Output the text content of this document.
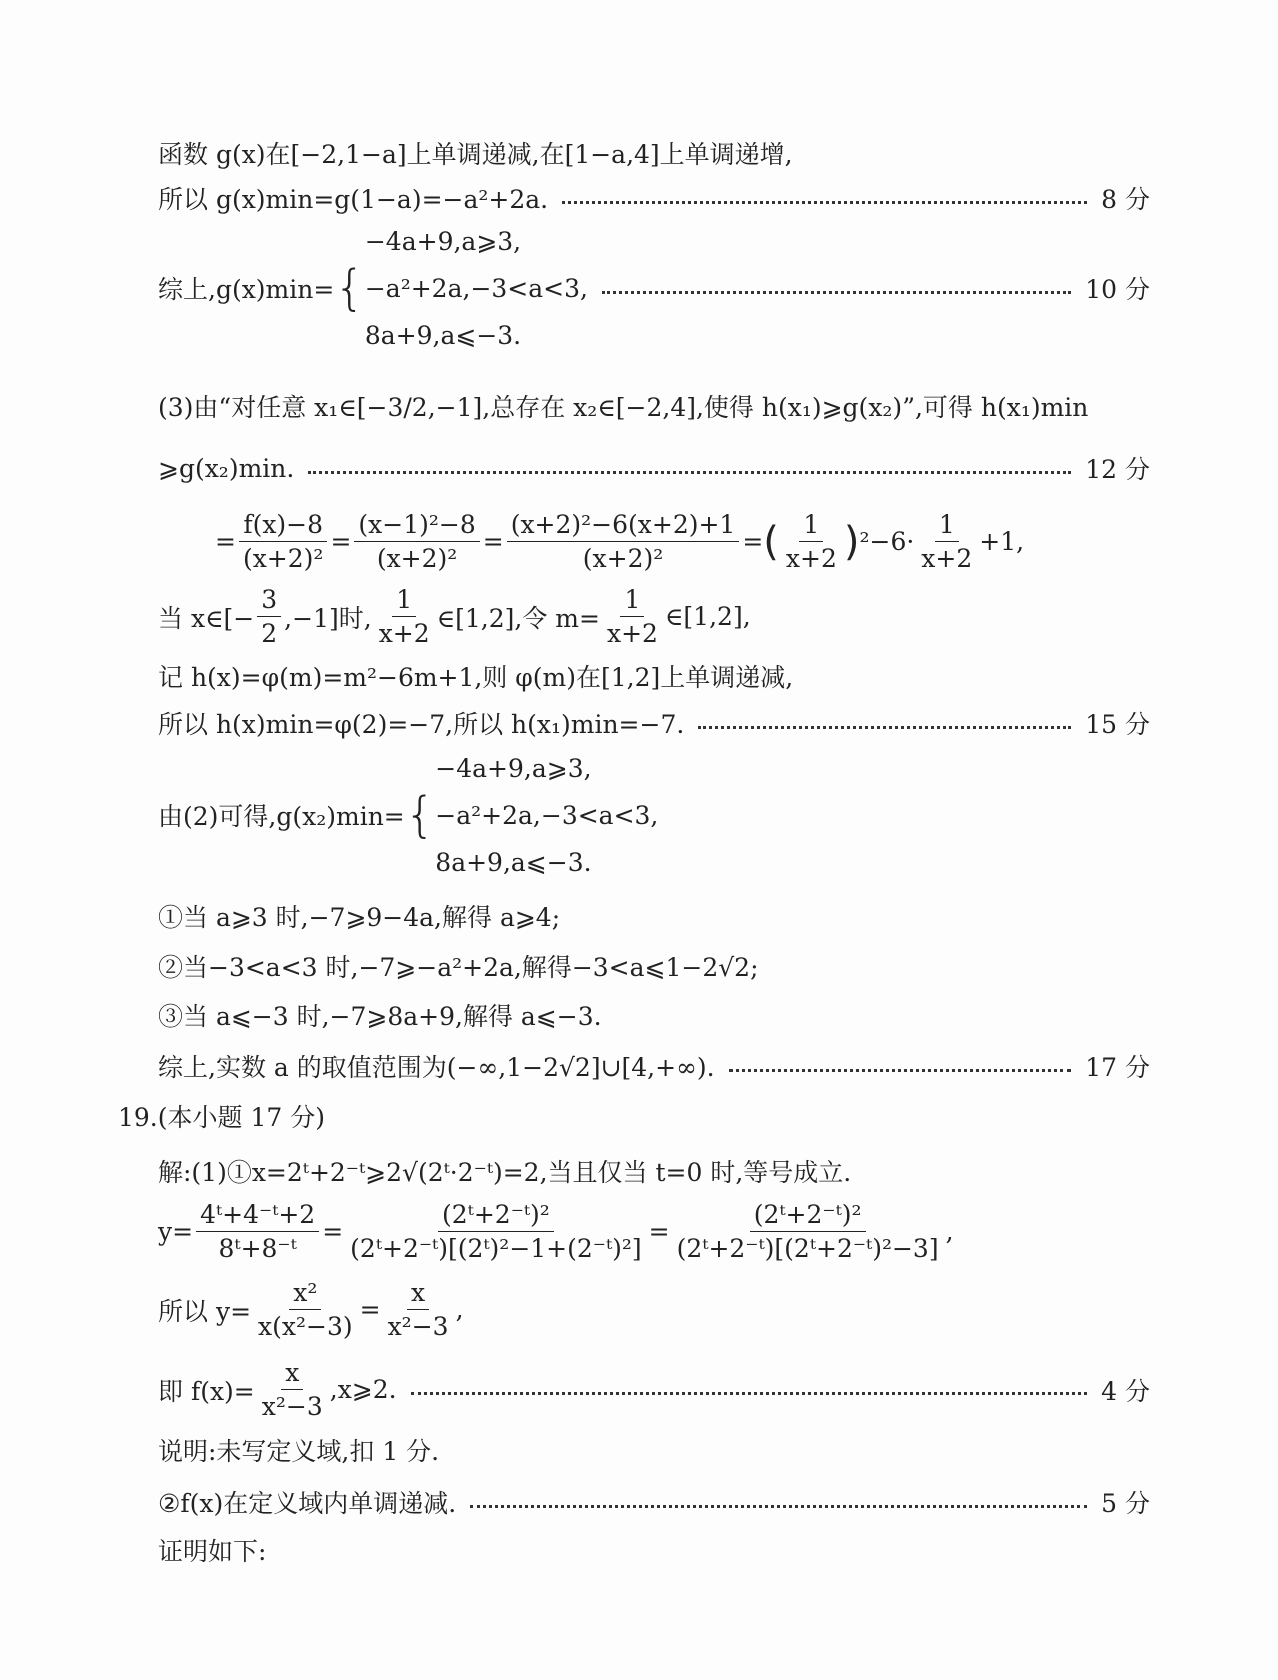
函数 g(x)在[−2,1−a]上单调递减,在[1−a,4]上单调递增,
所以 g(x)min=g(1−a)=−a²+2a.	8 分
综上,g(x)min= {
−4a+9,a⩾3,
−a²+2a,−3<a<3,
8a+9,a⩽−3.
10 分
(3)由“对任意 x₁∈[−3/2,−1],总存在 x₂∈[−2,4],使得 h(x₁)⩾g(x₂)”,可得 h(x₁)min
⩾g(x₂)min.	12 分
= $\frac{f(x)-8}{\text{(x+2)²}} = \frac{\text{(x−1)²−8}}{\text{(x+2)²}} = \frac{\text{(x+2)²−6(x+2)+1}}{\text{(x+2)²}}$ = ( $\frac{1}{x+2}$ ) $^2-6\cdot \frac{1}{x+2} +1$,
当 x∈[− $\frac{3}{2} ,-1$]时, $\frac{1}{x+2}$ ∈[1,2],令 $m= \frac{1}{x+2}$ ∈[1,2],
记 h(x)=φ(m)=m²−6m+1,则 φ(m)在[1,2]上单调递减,
所以 h(x)min=φ(2)=−7,所以 h(x₁)min=−7.	15 分
由(2)可得,g(x₂)min= {
−4a+9,a⩾3,
−a²+2a,−3<a<3,
8a+9,a⩽−3.
①当 a⩾3 时,−7⩾9−4a,解得 a⩾4;
②当−3<a<3 时,−7⩾−a²+2a,解得−3<a⩽1−2√2;
③当 a⩽−3 时,−7⩾8a+9,解得 a⩽−3.
综上,实数 a 的取值范围为(−∞,1−2√2]∪[4,+∞).	17 分
19.(本小题 17 分)
解:(1)①x=2ᵗ+2⁻ᵗ⩾2√(2ᵗ·2⁻ᵗ)=2,当且仅当 t=0 时,等号成立.
$y= \frac{\text{4ᵗ+4⁻ᵗ+2}}{\text{8ᵗ+8⁻ᵗ}} = \frac{\text{(2ᵗ+2⁻ᵗ)²}}{\text{(2ᵗ+2⁻ᵗ)[(2ᵗ)²−1+(2⁻ᵗ)²]}} = \frac{\text{(2ᵗ+2⁻ᵗ)²}}{\text{(2ᵗ+2⁻ᵗ)[(2ᵗ+2⁻ᵗ)²−3]}}$ ,
所以 $y= \frac{\text{x²}}{\text{x(x²−3)}} = \frac{x}{\text{x²−3}}$ ,
即 $f(x)= \frac{x}{\text{x²−3}}$ ,x⩾2.	4 分
说明:未写定义域,扣 1 分.
②f(x)在定义域内单调递减.	5 分
证明如下:
